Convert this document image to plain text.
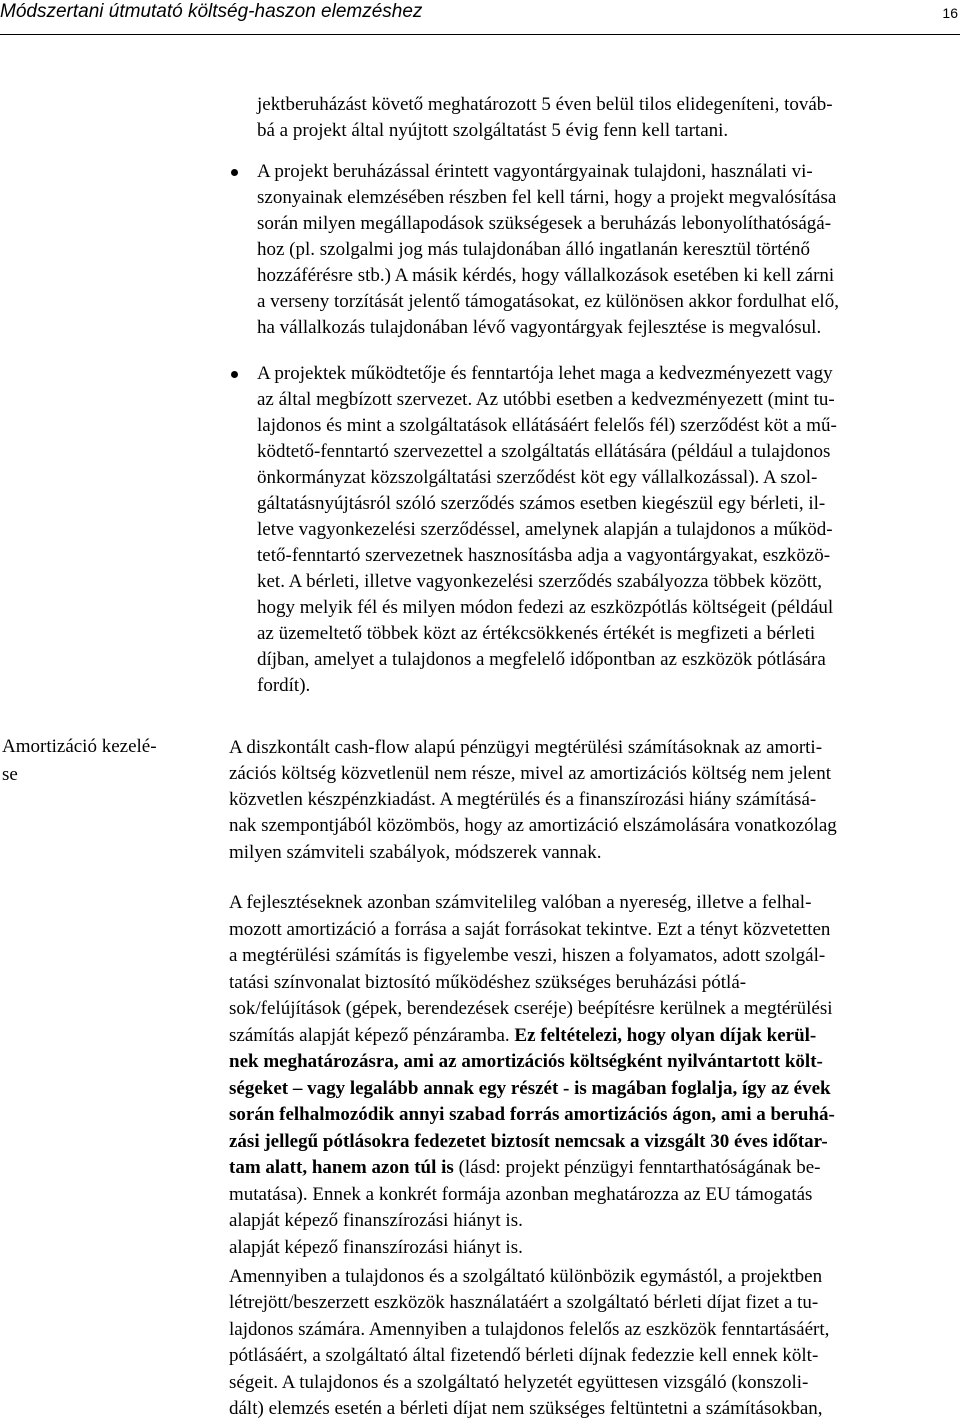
Módszertani útmutató költség-haszon elemzéshez	16
jektberuházást követő meghatározott 5 éven belül tilos elidegeníteni, továb-
bá a projekt által nyújtott szolgáltatást 5 évig fenn kell tartani.
A projekt beruházással érintett vagyontárgyainak tulajdoni, használati vi-
szonyainak elemzésében részben fel kell tárni, hogy a projekt megvalósítása
során milyen megállapodások szükségesek a beruházás lebonyolíthatóságá-
hoz (pl. szolgalmi jog más tulajdonában álló ingatlanán keresztül történő
hozzáférésre stb.) A másik kérdés, hogy vállalkozások esetében ki kell zárni
a verseny torzítását jelentő támogatásokat, ez különösen akkor fordulhat elő,
ha vállalkozás tulajdonában lévő vagyontárgyak fejlesztése is megvalósul.
A projektek működtetője és fenntartója lehet maga a kedvezményezett vagy
az által megbízott szervezet. Az utóbbi esetben a kedvezményezett (mint tu-
lajdonos és mint a szolgáltatások ellátásáért felelős fél) szerződést köt a mű-
ködtető-fenntartó szervezettel a szolgáltatás ellátására (például a tulajdonos
önkormányzat közszolgáltatási szerződést köt egy vállalkozással). A szol-
gáltatásnyújtásról szóló szerződés számos esetben kiegészül egy bérleti, il-
letve vagyonkezelési szerződéssel, amelynek alapján a tulajdonos a működ-
tető-fenntartó szervezetnek hasznosításba adja a vagyontárgyakat, eszközö-
ket. A bérleti, illetve vagyonkezelési szerződés szabályozza többek között,
hogy melyik fél és milyen módon fedezi az eszközpótlás költségeit (például
az üzemeltető többek közt az értékcsökkenés értékét is megfizeti a bérleti
díjban, amelyet a tulajdonos a megfelelő időpontban az eszközök pótlására
fordít).
Amortizáció kezelé-
se
A diszkontált cash-flow alapú pénzügyi megtérülési számításoknak az amorti-
zációs költség közvetlenül nem része, mivel az amortizációs költség nem jelent
közvetlen készpénzkiadást. A megtérülés és a finanszírozási hiány számításá-
nak szempontjából közömbös, hogy az amortizáció elszámolására vonatkozólag
milyen számviteli szabályok, módszerek vannak.
A fejlesztéseknek azonban számvitelileg valóban a nyereség, illetve a felhal-
mozott amortizáció a forrása a saját forrásokat tekintve. Ezt a tényt közvetetten
a megtérülési számítás is figyelembe veszi, hiszen a folyamatos, adott szolgál-
tatási színvonalat biztosító működéshez szükséges beruházási pótlá-
sok/felújítások (gépek, berendezések cseréje) beépítésre kerülnek a megtérülési
számítás alapját képező pénzáramba. Ez feltételezi, hogy olyan díjak kerül-
nek meghatározásra, ami az amortizációs költségként nyilvántartott költ-
ségeket – vagy legalább annak egy részét - is magában foglalja, így az évek
során felhalmozódik annyi szabad forrás amortizációs ágon, ami a beruhá-
zási jellegű pótlásokra fedezetet biztosít nemcsak a vizsgált 30 éves időtar-
tam alatt, hanem azon túl is (lásd: projekt pénzügyi fenntarthatóságának be-
mutatása). Ennek a konkrét formája azonban meghatározza az EU támogatás
alapját képező finanszírozási hiányt is.
alapját képező finanszírozási hiányt is.
Amennyiben a tulajdonos és a szolgáltató különbözik egymástól, a projektben
létrejött/beszerzett eszközök használatáért a szolgáltató bérleti díjat fizet a tu-
lajdonos számára. Amennyiben a tulajdonos felelős az eszközök fenntartásáért,
pótlásáért, a szolgáltató által fizetendő bérleti díjnak fedezzie kell ennek költ-
ségeit. A tulajdonos és a szolgáltató helyzetét együttesen vizsgáló (konszoli-
dált) elemzés esetén a bérleti díjat nem szükséges feltüntetni a számításokban,
